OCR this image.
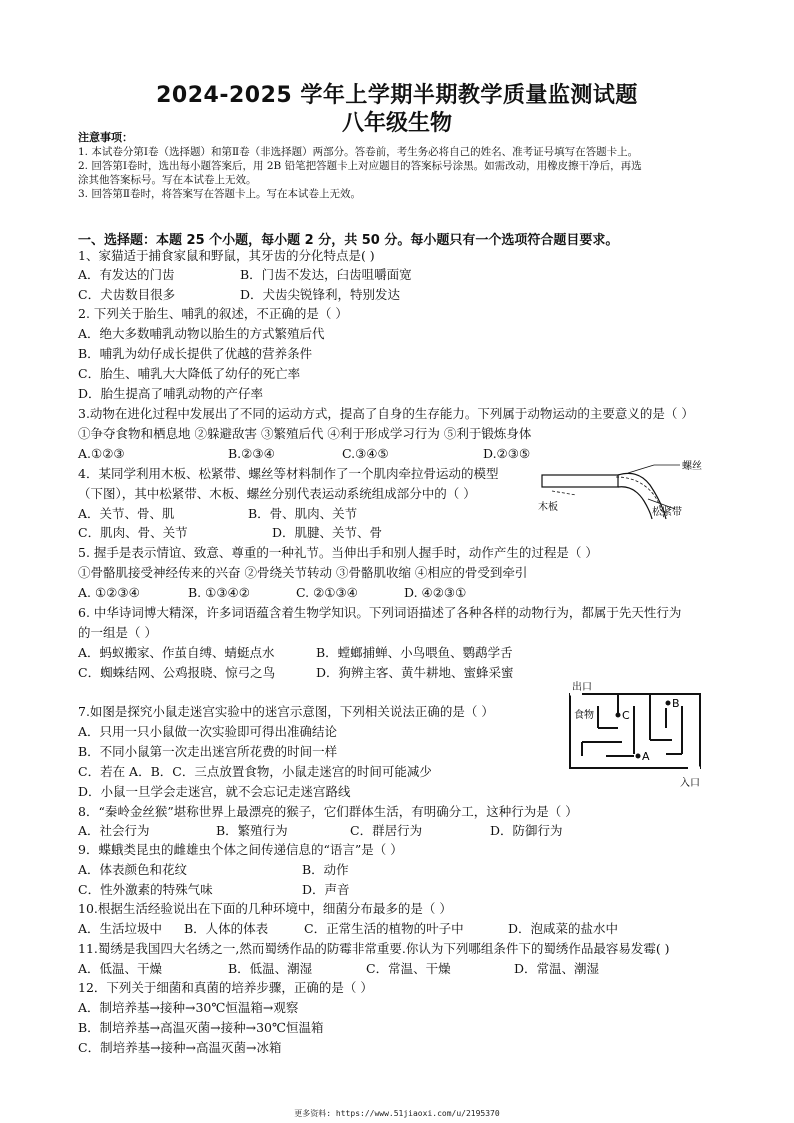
2024-2025 学年上学期半期教学质量监测试题
八年级生物
注意事项：
1. 本试卷分第Ⅰ卷（选择题）和第Ⅱ卷（非选择题）两部分。答卷前，考生务必将自己的姓名、准考证号填写在答题卡上。
2. 回答第Ⅰ卷时，选出每小题答案后，用 2B 铅笔把答题卡上对应题目的答案标号涂黑。如需改动，用橡皮擦干净后，再选
涂其他答案标号。写在本试卷上无效。
3. 回答第Ⅱ卷时，将答案写在答题卡上。写在本试卷上无效。
一、选择题：本题 25 个小题，每小题 2 分，共 50 分。每小题只有一个选项符合题目要求。
1、家猫适于捕食家鼠和野鼠，其牙齿的分化特点是( )
A．有发达的门齿	B．门齿不发达，臼齿咀嚼面宽
C．犬齿数目很多	D．犬齿尖锐锋利，特别发达
2. 下列关于胎生、哺乳的叙述，不正确的是（ ）
A．绝大多数哺乳动物以胎生的方式繁殖后代
B．哺乳为幼仔成长提供了优越的营养条件
C．胎生、哺乳大大降低了幼仔的死亡率
D．胎生提高了哺乳动物的产仔率
3.动物在进化过程中发展出了不同的运动方式，提高了自身的生存能力。下列属于动物运动的主要意义的是（ ）
①争夺食物和栖息地 ②躲避敌害 ③繁殖后代 ④利于形成学习行为 ⑤利于锻炼身体
A.①②③	B.②③④	C.③④⑤	D.②③⑤
4．某同学利用木板、松紧带、螺丝等材料制作了一个肌肉牵拉骨运动的模型
（下图），其中松紧带、木板、螺丝分别代表运动系统组成部分中的（ ）
A．关节、骨、肌	B．骨、肌肉、关节
C．肌肉、骨、关节	D．肌腱、关节、骨
螺丝
木板	松紧带
5. 握手是表示情谊、致意、尊重的一种礼节。当伸出手和别人握手时，动作产生的过程是（ ）
①骨骼肌接受神经传来的兴奋 ②骨绕关节转动 ③骨骼肌收缩 ④相应的骨受到牵引
A. ①②③④	B. ①③④②	C. ②①③④	D. ④②③①
6. 中华诗词博大精深，许多词语蕴含着生物学知识。下列词语描述了各种各样的动物行为，都属于先天性行为
的一组是（ ）
A．蚂蚁搬家、作茧自缚、蜻蜓点水	B．螳螂捕蝉、小鸟喂鱼、鹦鹉学舌
C．蜘蛛结网、公鸡报晓、惊弓之鸟	D．狗辨主客、黄牛耕地、蜜蜂采蜜
7.如图是探究小鼠走迷宫实验中的迷宫示意图，下列相关说法正确的是（ ）
A．只用一只小鼠做一次实验即可得出准确结论
B．不同小鼠第一次走出迷宫所花费的时间一样
C．若在 A．B．C．三点放置食物，小鼠走迷宫的时间可能减少
D．小鼠一旦学会走迷宫，就不会忘记走迷宫路线
出口
食物	C
B
A
入口
8．“秦岭金丝猴”堪称世界上最漂亮的猴子，它们群体生活，有明确分工，这种行为是（ ）
A．社会行为	B．繁殖行为	C．群居行为	D．防御行为
9．蝶蛾类昆虫的雌雄虫个体之间传递信息的“语言”是（ ）
A．体表颜色和花纹	B．动作
C．性外激素的特殊气味	D．声音
10.根据生活经验说出在下面的几种环境中，细菌分布最多的是（ ）
A．生活垃圾中 B．人体的体表	C．正常生活的植物的叶子中	D．泡咸菜的盐水中
11.蜀绣是我国四大名绣之一,然而蜀绣作品的防霉非常重要.你认为下列哪组条件下的蜀绣作品最容易发霉( )
A．低温、干燥	B．低温、潮湿	C．常温、干燥	D．常温、潮湿
12．下列关于细菌和真菌的培养步骤，正确的是（ ）
A．制培养基→接种→30℃恒温箱→观察
B．制培养基→高温灭菌→接种→30℃恒温箱
C．制培养基→接种→高温灭菌→冰箱
更多资料: https://www.51jiaoxi.com/u/2195370
